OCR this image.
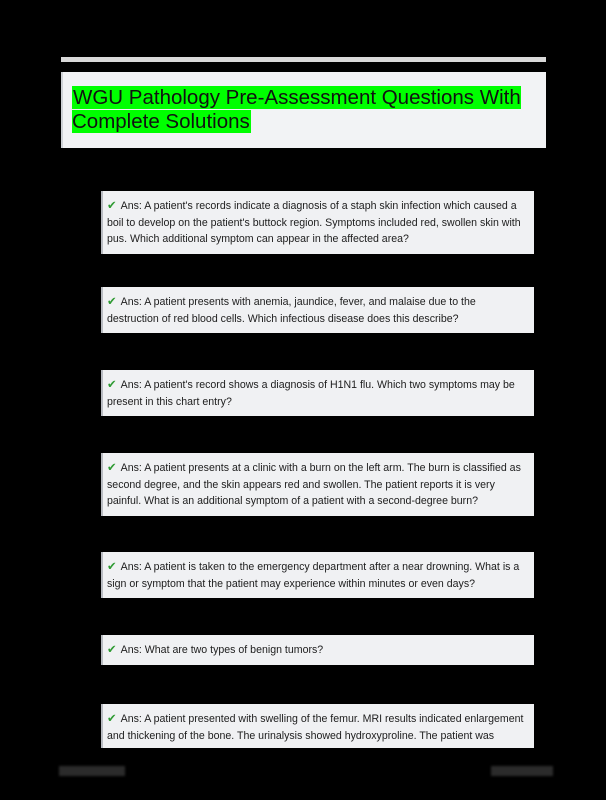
WGU Pathology Pre-Assessment Questions With Complete Solutions
✔ Ans: A patient's records indicate a diagnosis of a staph skin infection which caused a boil to develop on the patient's buttock region. Symptoms included red, swollen skin with pus. Which additional symptom can appear in the affected area?
✔ Ans: A patient presents with anemia, jaundice, fever, and malaise due to the destruction of red blood cells. Which infectious disease does this describe?
✔ Ans: A patient's record shows a diagnosis of H1N1 flu. Which two symptoms may be present in this chart entry?
✔ Ans: A patient presents at a clinic with a burn on the left arm. The burn is classified as second degree, and the skin appears red and swollen. The patient reports it is very painful. What is an additional symptom of a patient with a second-degree burn?
✔ Ans: A patient is taken to the emergency department after a near drowning. What is a sign or symptom that the patient may experience within minutes or even days?
✔ Ans: What are two types of benign tumors?
✔ Ans: A patient presented with swelling of the femur. MRI results indicated enlargement and thickening of the bone. The urinalysis showed hydroxyproline. The patient was
